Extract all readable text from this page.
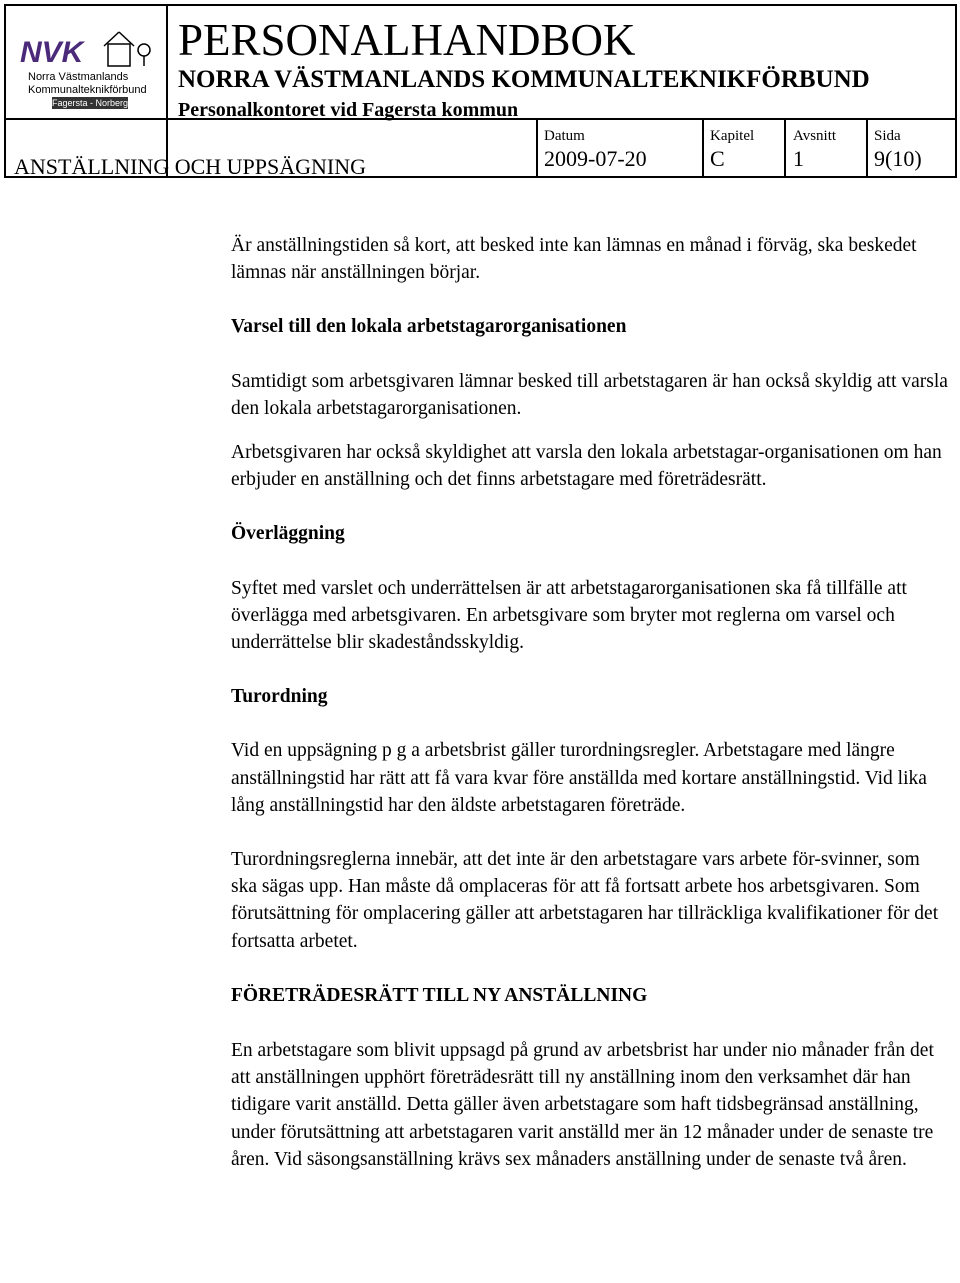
NVK
Norra Västmanlands
Kommunalteknikförbund
Fagersta - Norberg
PERSONALHANDBOK
NORRA VÄSTMANLANDS KOMMUNALTEKNIKFÖRBUND
Personalkontoret vid Fagersta kommun
ANSTÄLLNING OCH UPPSÄGNING
Datum
2009-07-20
Kapitel
C
Avsnitt
1
Sida
9(10)

Är anställningstiden så kort, att besked inte kan lämnas en månad i förväg, ska beskedet lämnas när anställningen börjar.

Varsel till den lokala arbetstagarorganisationen

Samtidigt som arbetsgivaren lämnar besked till arbetstagaren är han också skyldig att varsla den lokala arbetstagarorganisationen.

Arbetsgivaren har också skyldighet att varsla den lokala arbetstagar-organisationen om han erbjuder en anställning och det finns arbetstagare med företrädesrätt.

Överläggning

Syftet med varslet och underrättelsen är att arbetstagarorganisationen ska få tillfälle att överlägga med arbetsgivaren. En arbetsgivare som bryter mot reglerna om varsel och underrättelse blir skadeståndsskyldig.

Turordning

Vid en uppsägning p g a arbetsbrist gäller turordningsregler. Arbetstagare med längre anställningstid har rätt att få vara kvar före anställda med kortare anställningstid. Vid lika lång anställningstid har den äldste arbetstagaren företräde.

Turordningsreglerna innebär, att det inte är den arbetstagare vars arbete för-svinner, som ska sägas upp. Han måste då omplaceras för att få fortsatt arbete hos arbetsgivaren. Som förutsättning för omplacering gäller att arbetstagaren har tillräckliga kvalifikationer för det fortsatta arbetet.

FÖRETRÄDESRÄTT TILL NY ANSTÄLLNING

En arbetstagare som blivit uppsagd på grund av arbetsbrist har under nio månader från det att anställningen upphört företrädesrätt till ny anställning inom den verksamhet där han tidigare varit anställd. Detta gäller även arbetstagare som haft tidsbegränsad anställning, under förutsättning att arbetstagaren varit anställd mer än 12 månader under de senaste tre åren. Vid säsongsanställning krävs sex månaders anställning under de senaste två åren.
